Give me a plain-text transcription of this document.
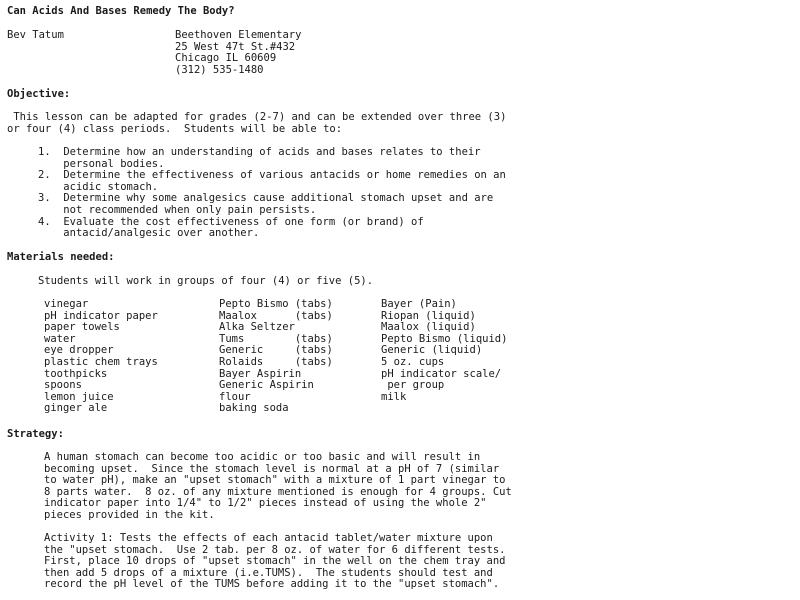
Can Acids And Bases Remedy The Body?
Bev Tatum	Beethoven Elementary
25 West 47t St.#432
Chicago IL 60609
(312) 535-1480
Objective:
This lesson can be adapted for grades (2-7) and can be extended over three (3)
or four (4) class periods.  Students will be able to:
1. Determine how an understanding of acids and bases relates to their
personal bodies.
2. Determine the effectiveness of various antacids or home remedies on an
acidic stomach.
3. Determine why some analgesics cause additional stomach upset and are
not recommended when only pain persists.
4. Evaluate the cost effectiveness of one form (or brand) of
antacid/analgesic over another.
Materials needed:
Students will work in groups of four (4) or five (5).
vinegar
pH indicator paper
paper towels
water
eye dropper
plastic chem trays
toothpicks
spoons
lemon juice
ginger ale
Pepto Bismo (tabs)
Maalox      (tabs)
Alka Seltzer
Tums        (tabs)
Generic     (tabs)
Rolaids     (tabs)
Bayer Aspirin
Generic Aspirin
flour
baking soda
Bayer (Pain)
Riopan (liquid)
Maalox (liquid)
Pepto Bismo (liquid)
Generic (liquid)
5 oz. cups
pH indicator scale/
per group
milk
Strategy:
A human stomach can become too acidic or too basic and will result in
becoming upset.  Since the stomach level is normal at a pH of 7 (similar
to water pH), make an "upset stomach" with a mixture of 1 part vinegar to
8 parts water.  8 oz. of any mixture mentioned is enough for 4 groups. Cut
indicator paper into 1/4" to 1/2" pieces instead of using the whole 2"
pieces provided in the kit.
Activity 1: Tests the effects of each antacid tablet/water mixture upon
the "upset stomach.  Use 2 tab. per 8 oz. of water for 6 different tests.
First, place 10 drops of "upset stomach" in the well on the chem tray and
then add 5 drops of a mixture (i.e.TUMS).  The students should test and
record the pH level of the TUMS before adding it to the "upset stomach".
